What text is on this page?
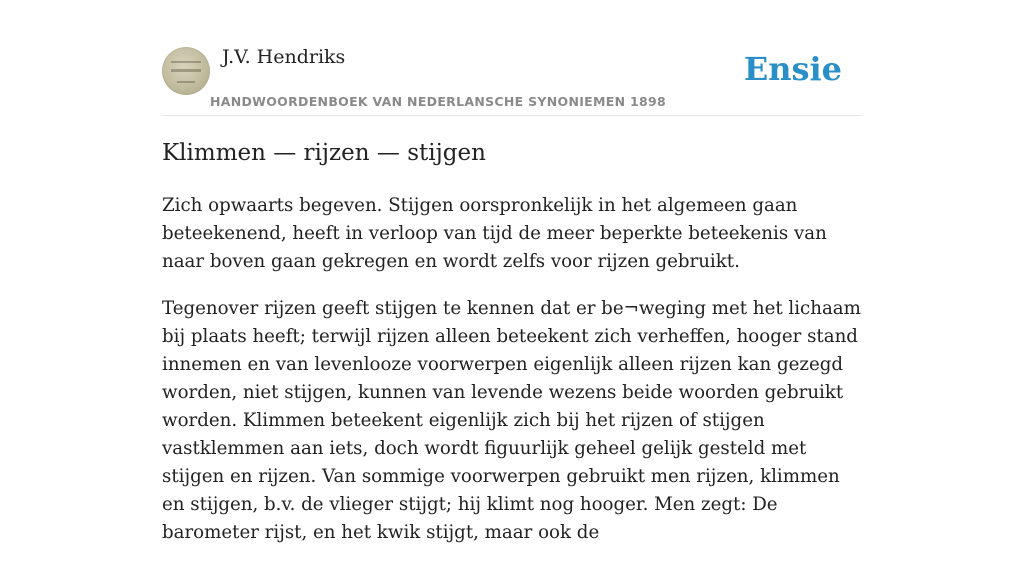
J.V. Hendriks
HANDWOORDENBOEK VAN NEDERLANSCHE SYNONIEMEN 1898
Ensie
Klimmen — rijzen — stijgen

Zich opwaarts begeven. Stijgen oorspronkelijk in het algemeen gaan beteekenend, heeft in verloop van tijd de meer beperkte beteekenis van naar boven gaan gekregen en wordt zelfs voor rijzen gebruikt.

Tegenover rijzen geeft stijgen te kennen dat er be¬weging met het lichaam bij plaats heeft; terwijl rijzen alleen beteekent zich verheffen, hooger stand innemen en van levenlooze voorwerpen eigenlijk alleen rijzen kan gezegd worden, niet stijgen, kunnen van levende wezens beide woorden gebruikt worden. Klimmen beteekent eigenlijk zich bij het rijzen of stijgen vastklemmen aan iets, doch wordt figuurlijk geheel gelijk gesteld met stijgen en rijzen. Van sommige voorwerpen gebruikt men rijzen, klimmen en stijgen, b.v. de vlieger stijgt; hij klimt nog hooger. Men zegt: De barometer rijst, en het kwik stijgt, maar ook de
